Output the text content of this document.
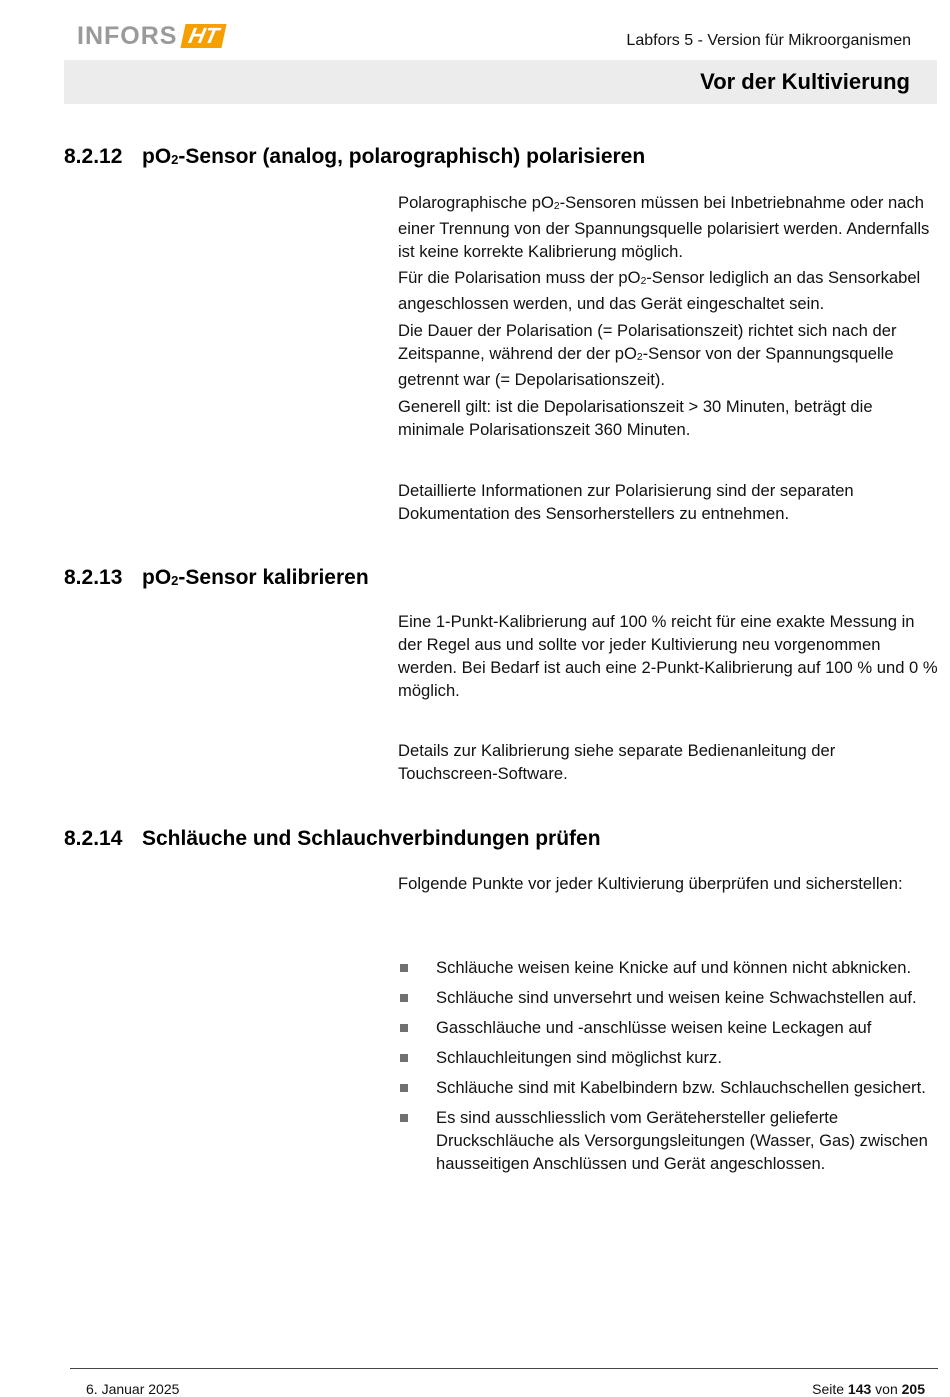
INFORS HT	Labfors 5 - Version für Mikroorganismen
Vor der Kultivierung
8.2.12 $pO_2$-Sensor (analog, polarographisch) polarisieren
Polarographische $pO_2$-Sensoren müssen bei Inbetriebnahme oder nach einer Trennung von der Spannungsquelle polarisiert werden. Andernfalls ist keine korrekte Kalibrierung möglich.
Für die Polarisation muss der $pO_2$-Sensor lediglich an das Sensorkabel angeschlossen werden, und das Gerät eingeschaltet sein.
Die Dauer der Polarisation (= Polarisationszeit) richtet sich nach der Zeitspanne, während der der $pO_2$-Sensor von der Spannungsquelle getrennt war (= Depolarisationszeit).
Generell gilt: ist die Depolarisationszeit > 30 Minuten, beträgt die minimale Polarisationszeit 360 Minuten.
Detaillierte Informationen zur Polarisierung sind der separaten Dokumentation des Sensorherstellers zu entnehmen.
8.2.13 $pO_2$-Sensor kalibrieren
Eine 1-Punkt-Kalibrierung auf 100 % reicht für eine exakte Messung in der Regel aus und sollte vor jeder Kultivierung neu vorgenommen werden. Bei Bedarf ist auch eine 2-Punkt-Kalibrierung auf 100 % und 0 % möglich.
Details zur Kalibrierung siehe separate Bedienanleitung der Touchscreen-Software.
8.2.14 Schläuche und Schlauchverbindungen prüfen
Folgende Punkte vor jeder Kultivierung überprüfen und sicherstellen:
Schläuche weisen keine Knicke auf und können nicht abknicken.
Schläuche sind unversehrt und weisen keine Schwachstellen auf.
Gasschläuche und -anschlüsse weisen keine Leckagen auf
Schlauchleitungen sind möglichst kurz.
Schläuche sind mit Kabelbindern bzw. Schlauchschellen gesichert.
Es sind ausschliesslich vom Gerätehersteller gelieferte Druckschläuche als Versorgungsleitungen (Wasser, Gas) zwischen hausseitigen Anschlüssen und Gerät angeschlossen.
6. Januar 2025	Seite 143 von 205
